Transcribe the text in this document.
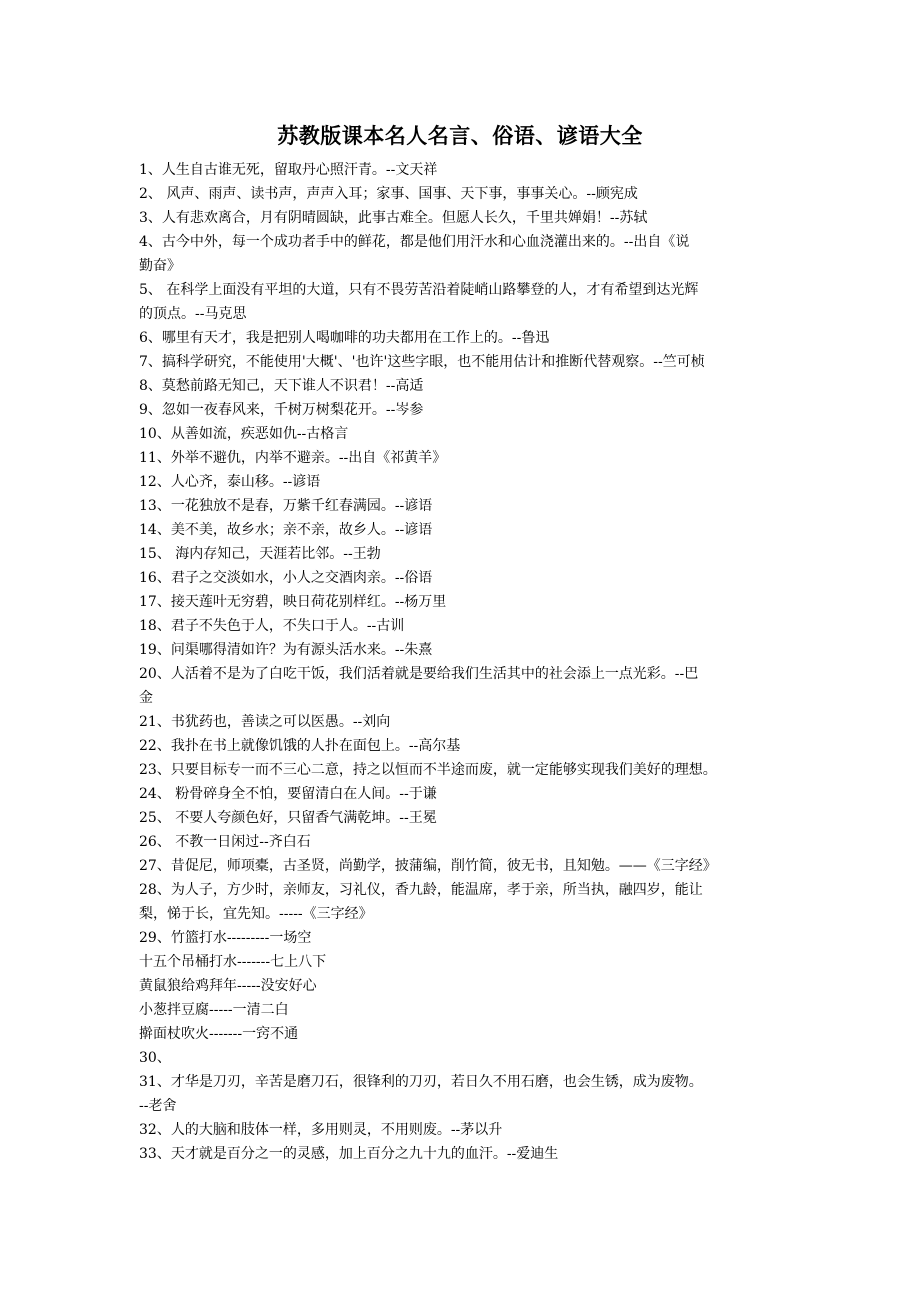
苏教版课本名人名言、俗语、谚语大全
1、人生自古谁无死，留取丹心照汗青。--文天祥
2、 风声、雨声、读书声，声声入耳；家事、国事、天下事，事事关心。--顾宪成
3、人有悲欢离合，月有阴晴圆缺，此事古难全。但愿人长久，千里共婵娟！--苏轼
4、古今中外，每一个成功者手中的鲜花，都是他们用汗水和心血浇灌出来的。--出自《说
勤奋》
5、 在科学上面没有平坦的大道，只有不畏劳苦沿着陡峭山路攀登的人，才有希望到达光辉
的顶点。--马克思
6、哪里有天才，我是把别人喝咖啡的功夫都用在工作上的。--鲁迅
7、搞科学研究，不能使用'大概'、'也许'这些字眼，也不能用估计和推断代替观察。--竺可桢
8、莫愁前路无知己，天下谁人不识君！--高适
9、忽如一夜春风来，千树万树梨花开。--岑参
10、从善如流，疾恶如仇--古格言
11、外举不避仇，内举不避亲。--出自《祁黄羊》
12、人心齐，泰山移。--谚语
13、一花独放不是春，万紫千红春满园。--谚语
14、美不美，故乡水；亲不亲，故乡人。--谚语
15、 海内存知己，天涯若比邻。--王勃
16、君子之交淡如水，小人之交酒肉亲。--俗语
17、接天莲叶无穷碧，映日荷花别样红。--杨万里
18、君子不失色于人，不失口于人。--古训
19、问渠哪得清如许？为有源头活水来。--朱熹
20、人活着不是为了白吃干饭，我们活着就是要给我们生活其中的社会添上一点光彩。--巴
金
21、书犹药也，善读之可以医愚。--刘向
22、我扑在书上就像饥饿的人扑在面包上。--高尔基
23、只要目标专一而不三心二意，持之以恒而不半途而废，就一定能够实现我们美好的理想。
24、 粉骨碎身全不怕，要留清白在人间。--于谦
25、 不要人夸颜色好，只留香气满乾坤。--王冕
26、 不教一日闲过--齐白石
27、昔促尼，师项橐，古圣贤，尚勤学，披蒲编，削竹简，彼无书，且知勉。——《三字经》
28、为人子，方少时，亲师友，习礼仪，香九龄，能温席，孝于亲，所当执，融四岁，能让
梨，悌于长，宜先知。-----《三字经》
29、竹篮打水---------一场空
十五个吊桶打水-------七上八下
黄鼠狼给鸡拜年-----没安好心
小葱拌豆腐-----一清二白
擀面杖吹火-------一窍不通
30、
31、才华是刀刃，辛苦是磨刀石，很锋利的刀刃，若日久不用石磨，也会生锈，成为废物。
--老舍
32、人的大脑和肢体一样，多用则灵，不用则废。--茅以升
33、天才就是百分之一的灵感，加上百分之九十九的血汗。--爱迪生
